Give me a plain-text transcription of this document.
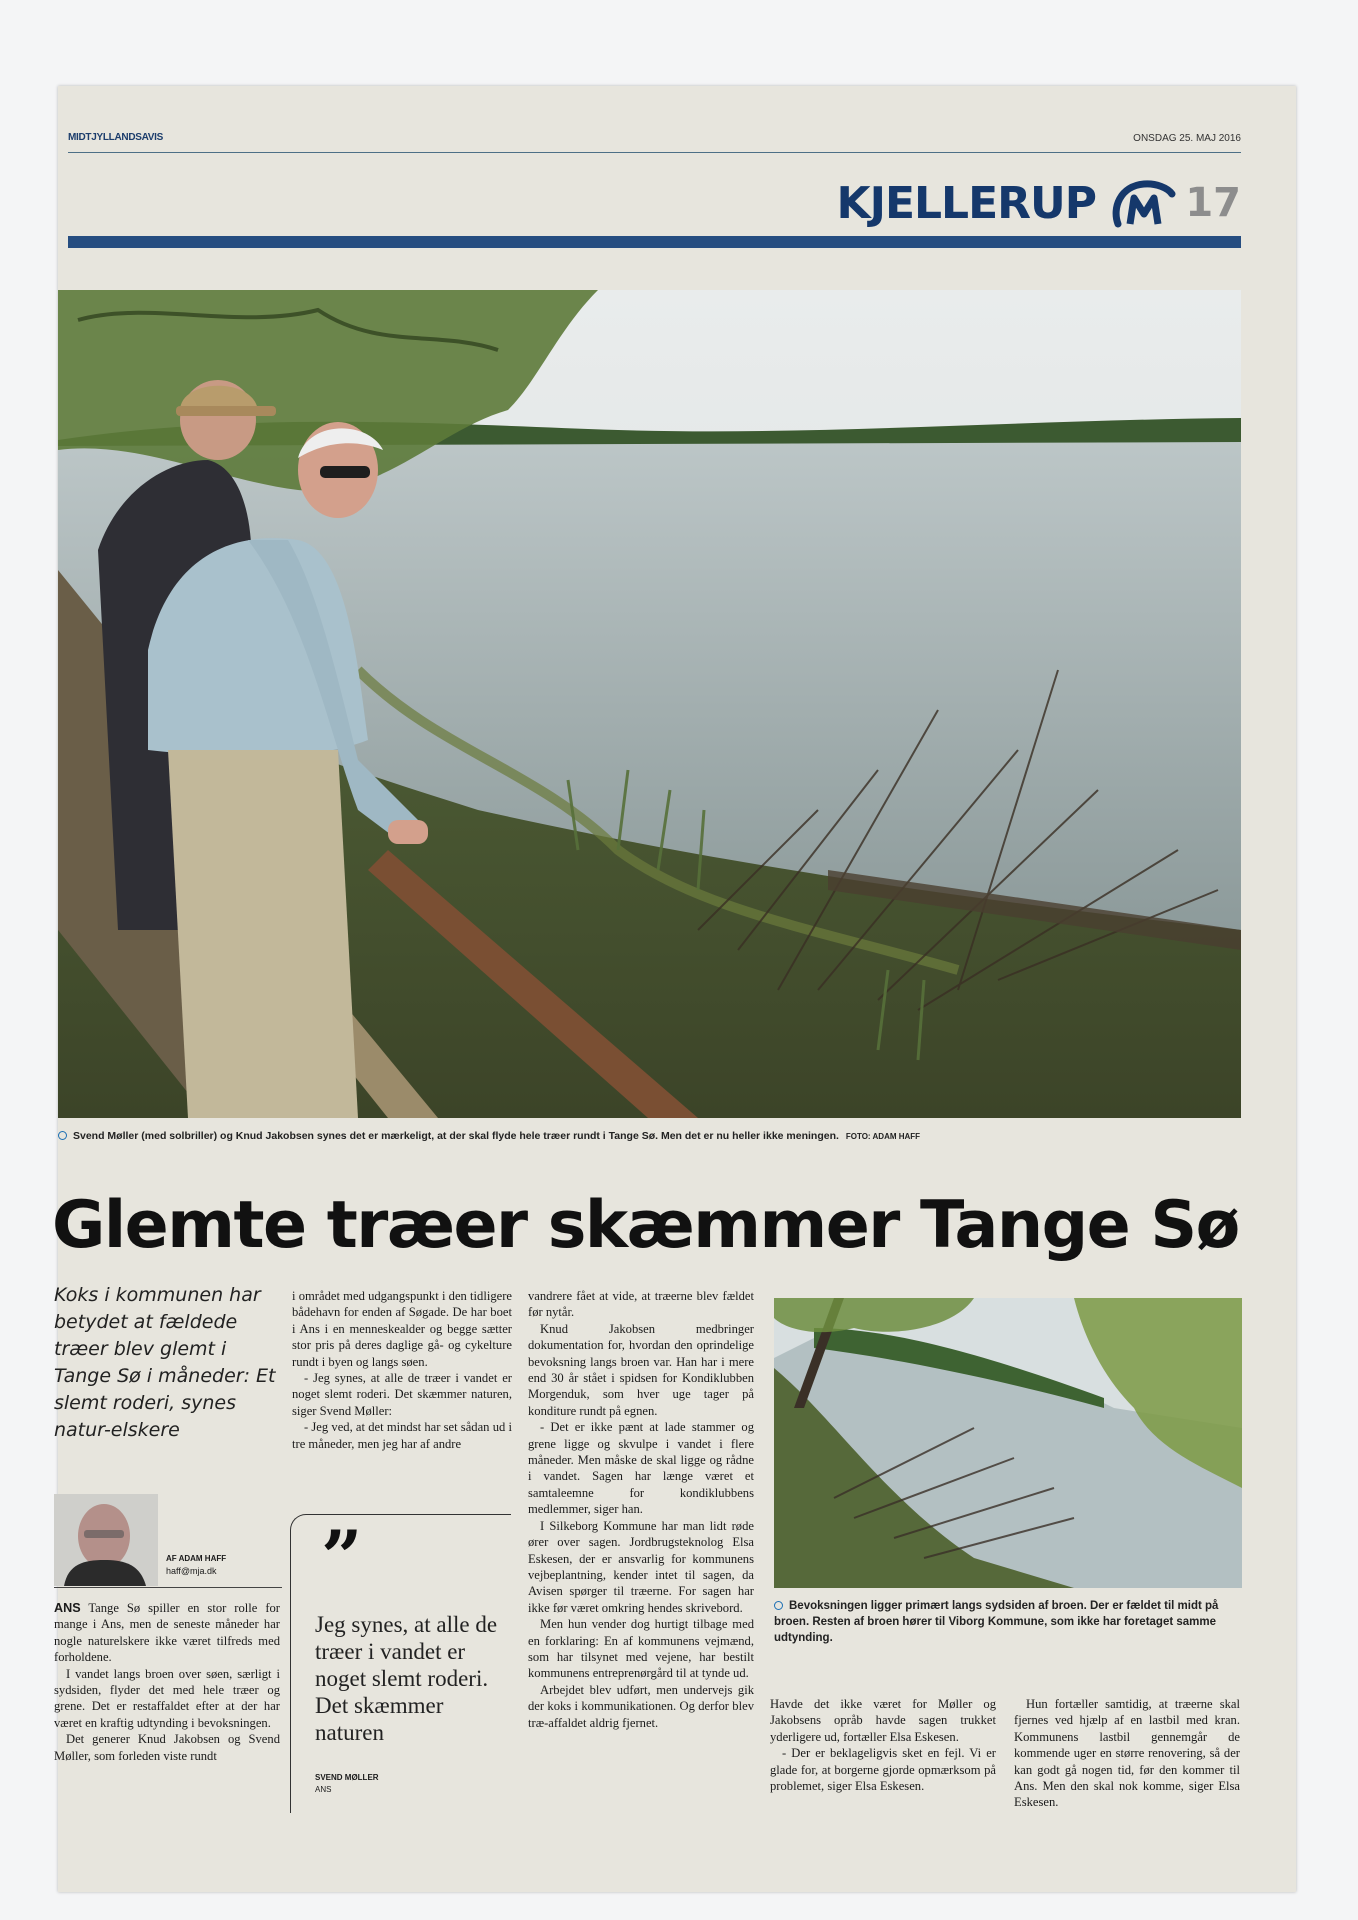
MIDTJYLLANDSAVIS	ONSDAG 25. MAJ 2016
KJELLERUP 17
Svend Møller (med solbriller) og Knud Jakobsen synes det er mærkeligt, at der skal flyde hele træer rundt i Tange Sø. Men det er nu heller ikke meningen. FOTO: ADAM HAFF
Glemte træer skæmmer Tange Sø
Koks i kommunen har betydet at fældede træer blev glemt i Tange Sø i måneder: Et slemt roderi, synes natur-elskere
AF ADAM HAFF
haff@mja.dk

ANS Tange Sø spiller en stor rolle for mange i Ans, men de seneste måneder har nogle naturelskere ikke været tilfreds med forholdene.

I vandet langs broen over søen, særligt i sydsiden, flyder det med hele træer og grene. Det er restaffaldet efter at der har været en kraftig udtynding i bevoksningen.

Det generer Knud Jakobsen og Svend Møller, som forleden viste rundt

i området med udgangspunkt i den tidligere bådehavn for enden af Søgade. De har boet i Ans i en menneskealder og begge sætter stor pris på deres daglige gå- og cykelture rundt i byen og langs søen.

- Jeg synes, at alle de træer i vandet er noget slemt roderi. Det skæmmer naturen, siger Svend Møller:

- Jeg ved, at det mindst har set sådan ud i tre måneder, men jeg har af andre

”
Jeg synes, at alle de træer i vandet er noget slemt roderi. Det skæmmer naturen
SVEND MØLLER
ANS

vandrere fået at vide, at træerne blev fældet før nytår.

Knud Jakobsen medbringer dokumentation for, hvordan den oprindelige bevoksning langs broen var. Han har i mere end 30 år stået i spidsen for Kondiklubben Morgenduk, som hver uge tager på konditure rundt på egnen.

- Det er ikke pænt at lade stammer og grene ligge og skvulpe i vandet i flere måneder. Men måske de skal ligge og rådne i vandet. Sagen har længe været et samtaleemne for kondiklubbens medlemmer, siger han.

I Silkeborg Kommune har man lidt røde ører over sagen. Jordbrugsteknolog Elsa Eskesen, der er ansvarlig for kommunens vejbeplantning, kender intet til sagen, da Avisen spørger til træerne. For sagen har ikke før været omkring hendes skrivebord.

Men hun vender dog hurtigt tilbage med en forklaring: En af kommunens vejmænd, som har tilsynet med vejene, har bestilt kommunens entreprenørgård til at tynde ud.

Arbejdet blev udført, men undervejs gik der koks i kommunikationen. Og derfor blev træ-affaldet aldrig fjernet.

Bevoksningen ligger primært langs sydsiden af broen. Der er fældet til midt på broen. Resten af broen hører til Viborg Kommune, som ikke har foretaget samme udtynding.

Havde det ikke været for Møller og Jakobsens opråb havde sagen trukket yderligere ud, fortæller Elsa Eskesen.

- Der er beklageligvis sket en fejl. Vi er glade for, at borgerne gjorde opmærksom på problemet, siger Elsa Eskesen.

Hun fortæller samtidig, at træerne skal fjernes ved hjælp af en lastbil med kran. Kommunens lastbil gennemgår de kommende uger en større renovering, så der kan godt gå nogen tid, før den kommer til Ans. Men den skal nok komme, siger Elsa Eskesen.
